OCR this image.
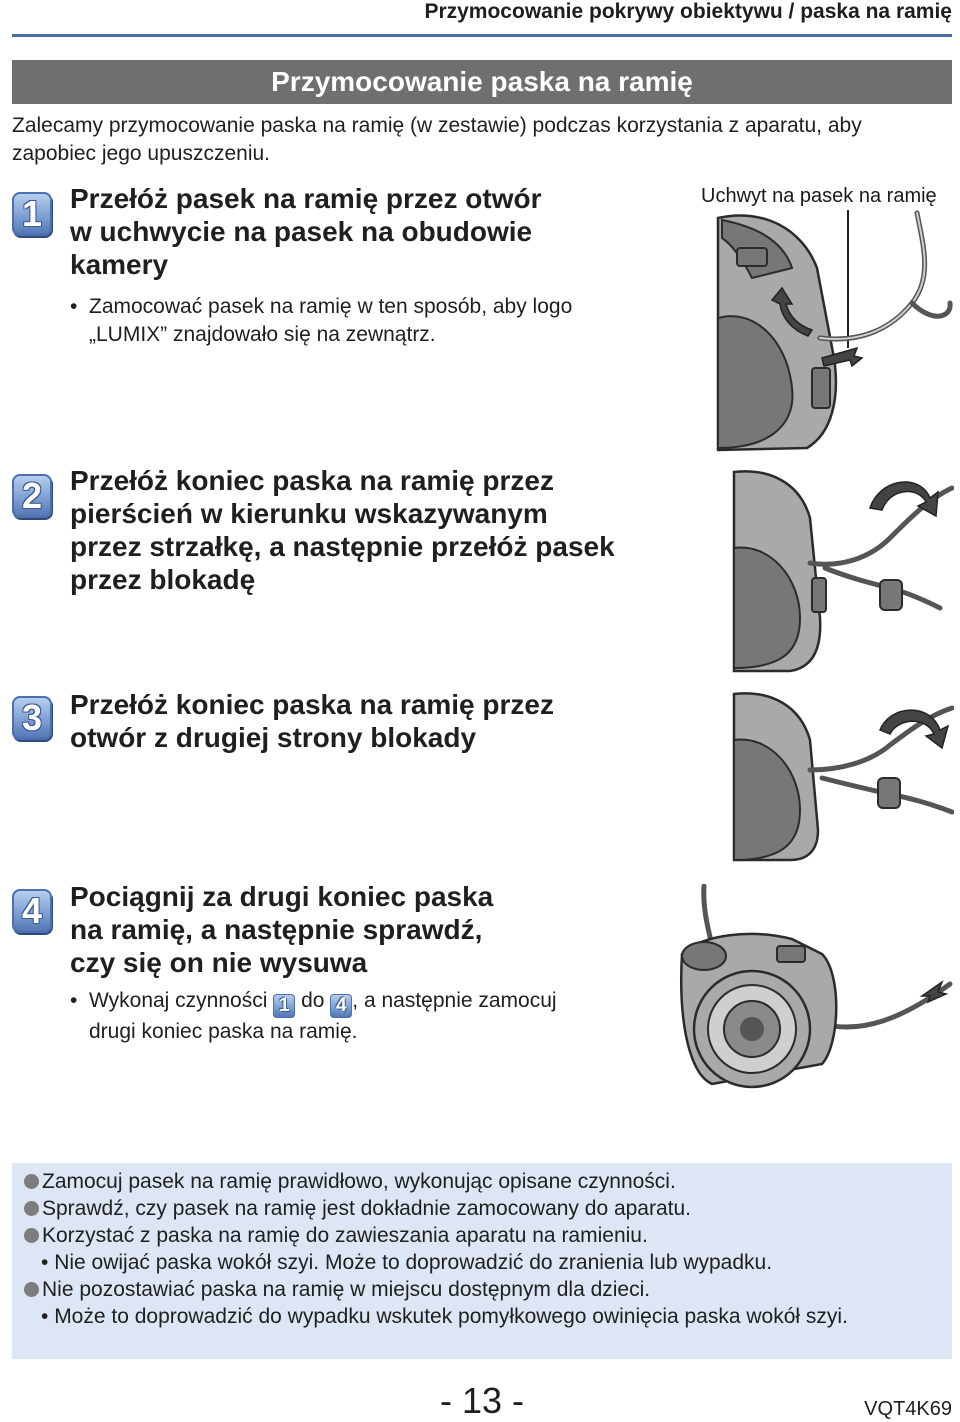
Przymocowanie pokrywy obiektywu / paska na ramię
Przymocowanie paska na ramię
Zalecamy przymocowanie paska na ramię (w zestawie) podczas korzystania z aparatu, aby zapobiec jego upuszczeniu.
1 Przełóż pasek na ramię przez otwór
w uchwycie na pasek na obudowie
kamery
• Zamocować pasek na ramię w ten sposób, aby logo
„LUMIX” znajdowało się na zewnątrz.
Uchwyt na pasek na ramię
2 Przełóż koniec paska na ramię przez
pierścień w kierunku wskazywanym
przez strzałkę, a następnie przełóż pasek
przez blokadę
3 Przełóż koniec paska na ramię przez
otwór z drugiej strony blokady
4 Pociągnij za drugi koniec paska
na ramię, a następnie sprawdź,
czy się on nie wysuwa
• Wykonaj czynności 1 do 4 , a następnie zamocuj
drugi koniec paska na ramię.
Zamocuj pasek na ramię prawidłowo, wykonując opisane czynności.
Sprawdź, czy pasek na ramię jest dokładnie zamocowany do aparatu.
Korzystać z paska na ramię do zawieszania aparatu na ramieniu.
• Nie owijać paska wokół szyi. Może to doprowadzić do zranienia lub wypadku.
Nie pozostawiać paska na ramię w miejscu dostępnym dla dzieci.
• Może to doprowadzić do wypadku wskutek pomyłkowego owinięcia paska wokół szyi.
- 13 -	VQT4K69
